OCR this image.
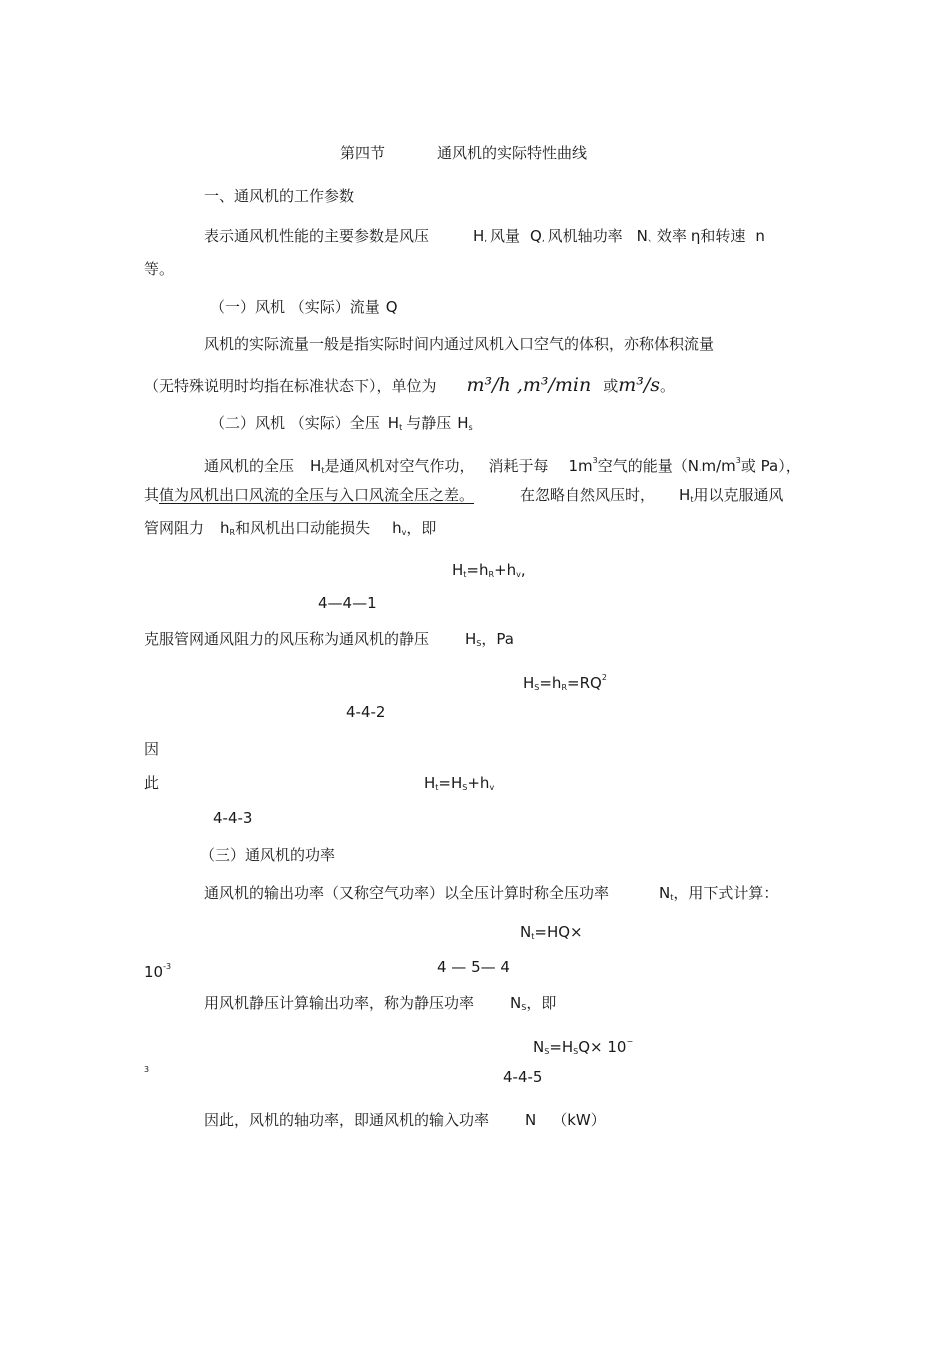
第四节	通风机的实际特性曲线
一、通风机的工作参数
表示通风机性能的主要参数是风压	H, 风量 Q, 风机轴功率 N、效率 η和转速 n
等。
（一）风机 （实际）流量 Q
风机的实际流量一般是指实际时间内通过风机入口空气的体积，亦称体积流量
（无特殊说明时均指在标准状态下），单位为 m³/h ,m³/min 或m³/s。
（二）风机 （实际）全压 Ht 与静压 Hs
通风机的全压 Ht是通风机对空气作功， 消耗于每 $1m^3$空气的能量（$N\cdot m/m^3$或 Pa），
其值为风机出口风流的全压与入口风流全压之差。	在忽略自然风压时， Ht用以克服通风
管网阻力 hR和风机出口动能损失 hv，即
Ht=hR+hv,
4—4—1
克服管网通风阻力的风压称为通风机的静压 HS，Pa
$HS=hR=RQ^2$
4-4-2
因
此	Ht=HS+hv
4-4-3
（三）通风机的功率
通风机的输出功率（又称空气功率）以全压计算时称全压功率	Nt，用下式计算：
Nt=HQ×
$10^{-3}$	4 — 5— 4
用风机静压计算输出功率，称为静压功率 NS，即
NS=HSQ× 10−
3	4-4-5
因此，风机的轴功率，即通风机的输入功率 N （kW）
